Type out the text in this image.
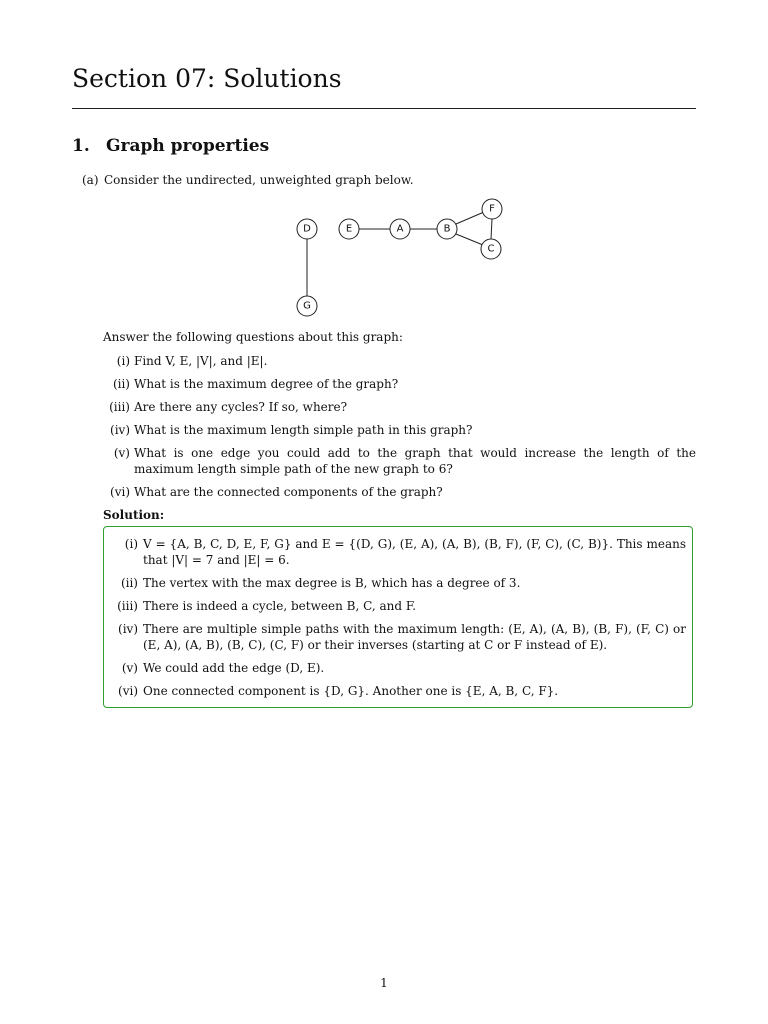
Section 07: Solutions
1. Graph properties
(a) Consider the undirected, unweighted graph below.
D	E	A	B
F
C
G
Answer the following questions about this graph:
(i) Find V, E, |V|, and |E|.
(ii) What is the maximum degree of the graph?
(iii) Are there any cycles? If so, where?
(iv) What is the maximum length simple path in this graph?
(v) What is one edge you could add to the graph that would increase the length of the maximum length simple path of the new graph to 6?
(vi) What are the connected components of the graph?
Solution:
(i) V = {A, B, C, D, E, F, G} and E = {(D, G), (E, A), (A, B), (B, F), (F, C), (C, B)}. This means that |V| = 7 and |E| = 6.
(ii) The vertex with the max degree is B, which has a degree of 3.
(iii) There is indeed a cycle, between B, C, and F.
(iv) There are multiple simple paths with the maximum length: (E, A), (A, B), (B, F), (F, C) or (E, A), (A, B), (B, C), (C, F) or their inverses (starting at C or F instead of E).
(v) We could add the edge (D, E).
(vi) One connected component is {D, G}. Another one is {E, A, B, C, F}.
1
